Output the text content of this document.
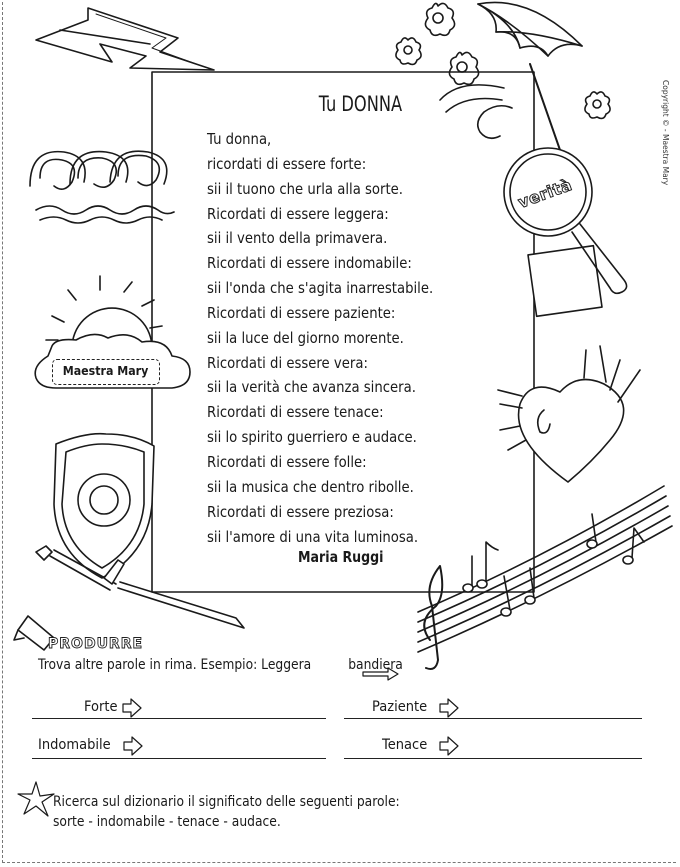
Tu DONNA
Tu donna,
ricordati di essere forte:
sii il tuono che urla alla sorte.
Ricordati di essere leggera:
sii il vento della primavera.
Ricordati di essere indomabile:
sii l'onda che s'agita inarrestabile.
Ricordati di essere paziente:
sii la luce del giorno morente.
Ricordati di essere vera:
sii la verità che avanza sincera.
Ricordati di essere tenace:
sii lo spirito guerriero e audace.
Ricordati di essere folle:
sii la musica che dentro ribolle.
Ricordati di essere preziosa:
sii l'amore di una vita luminosa.
Maria Ruggi
Copyright © - Maestra Mary
Maestra Mary
verità
PRODURRE
Trova altre parole in rima. Esempio: Leggera	bandiera
Forte	Paziente
Indomabile	Tenace
Ricerca sul dizionario il significato delle seguenti parole:
sorte - indomabile - tenace - audace.
